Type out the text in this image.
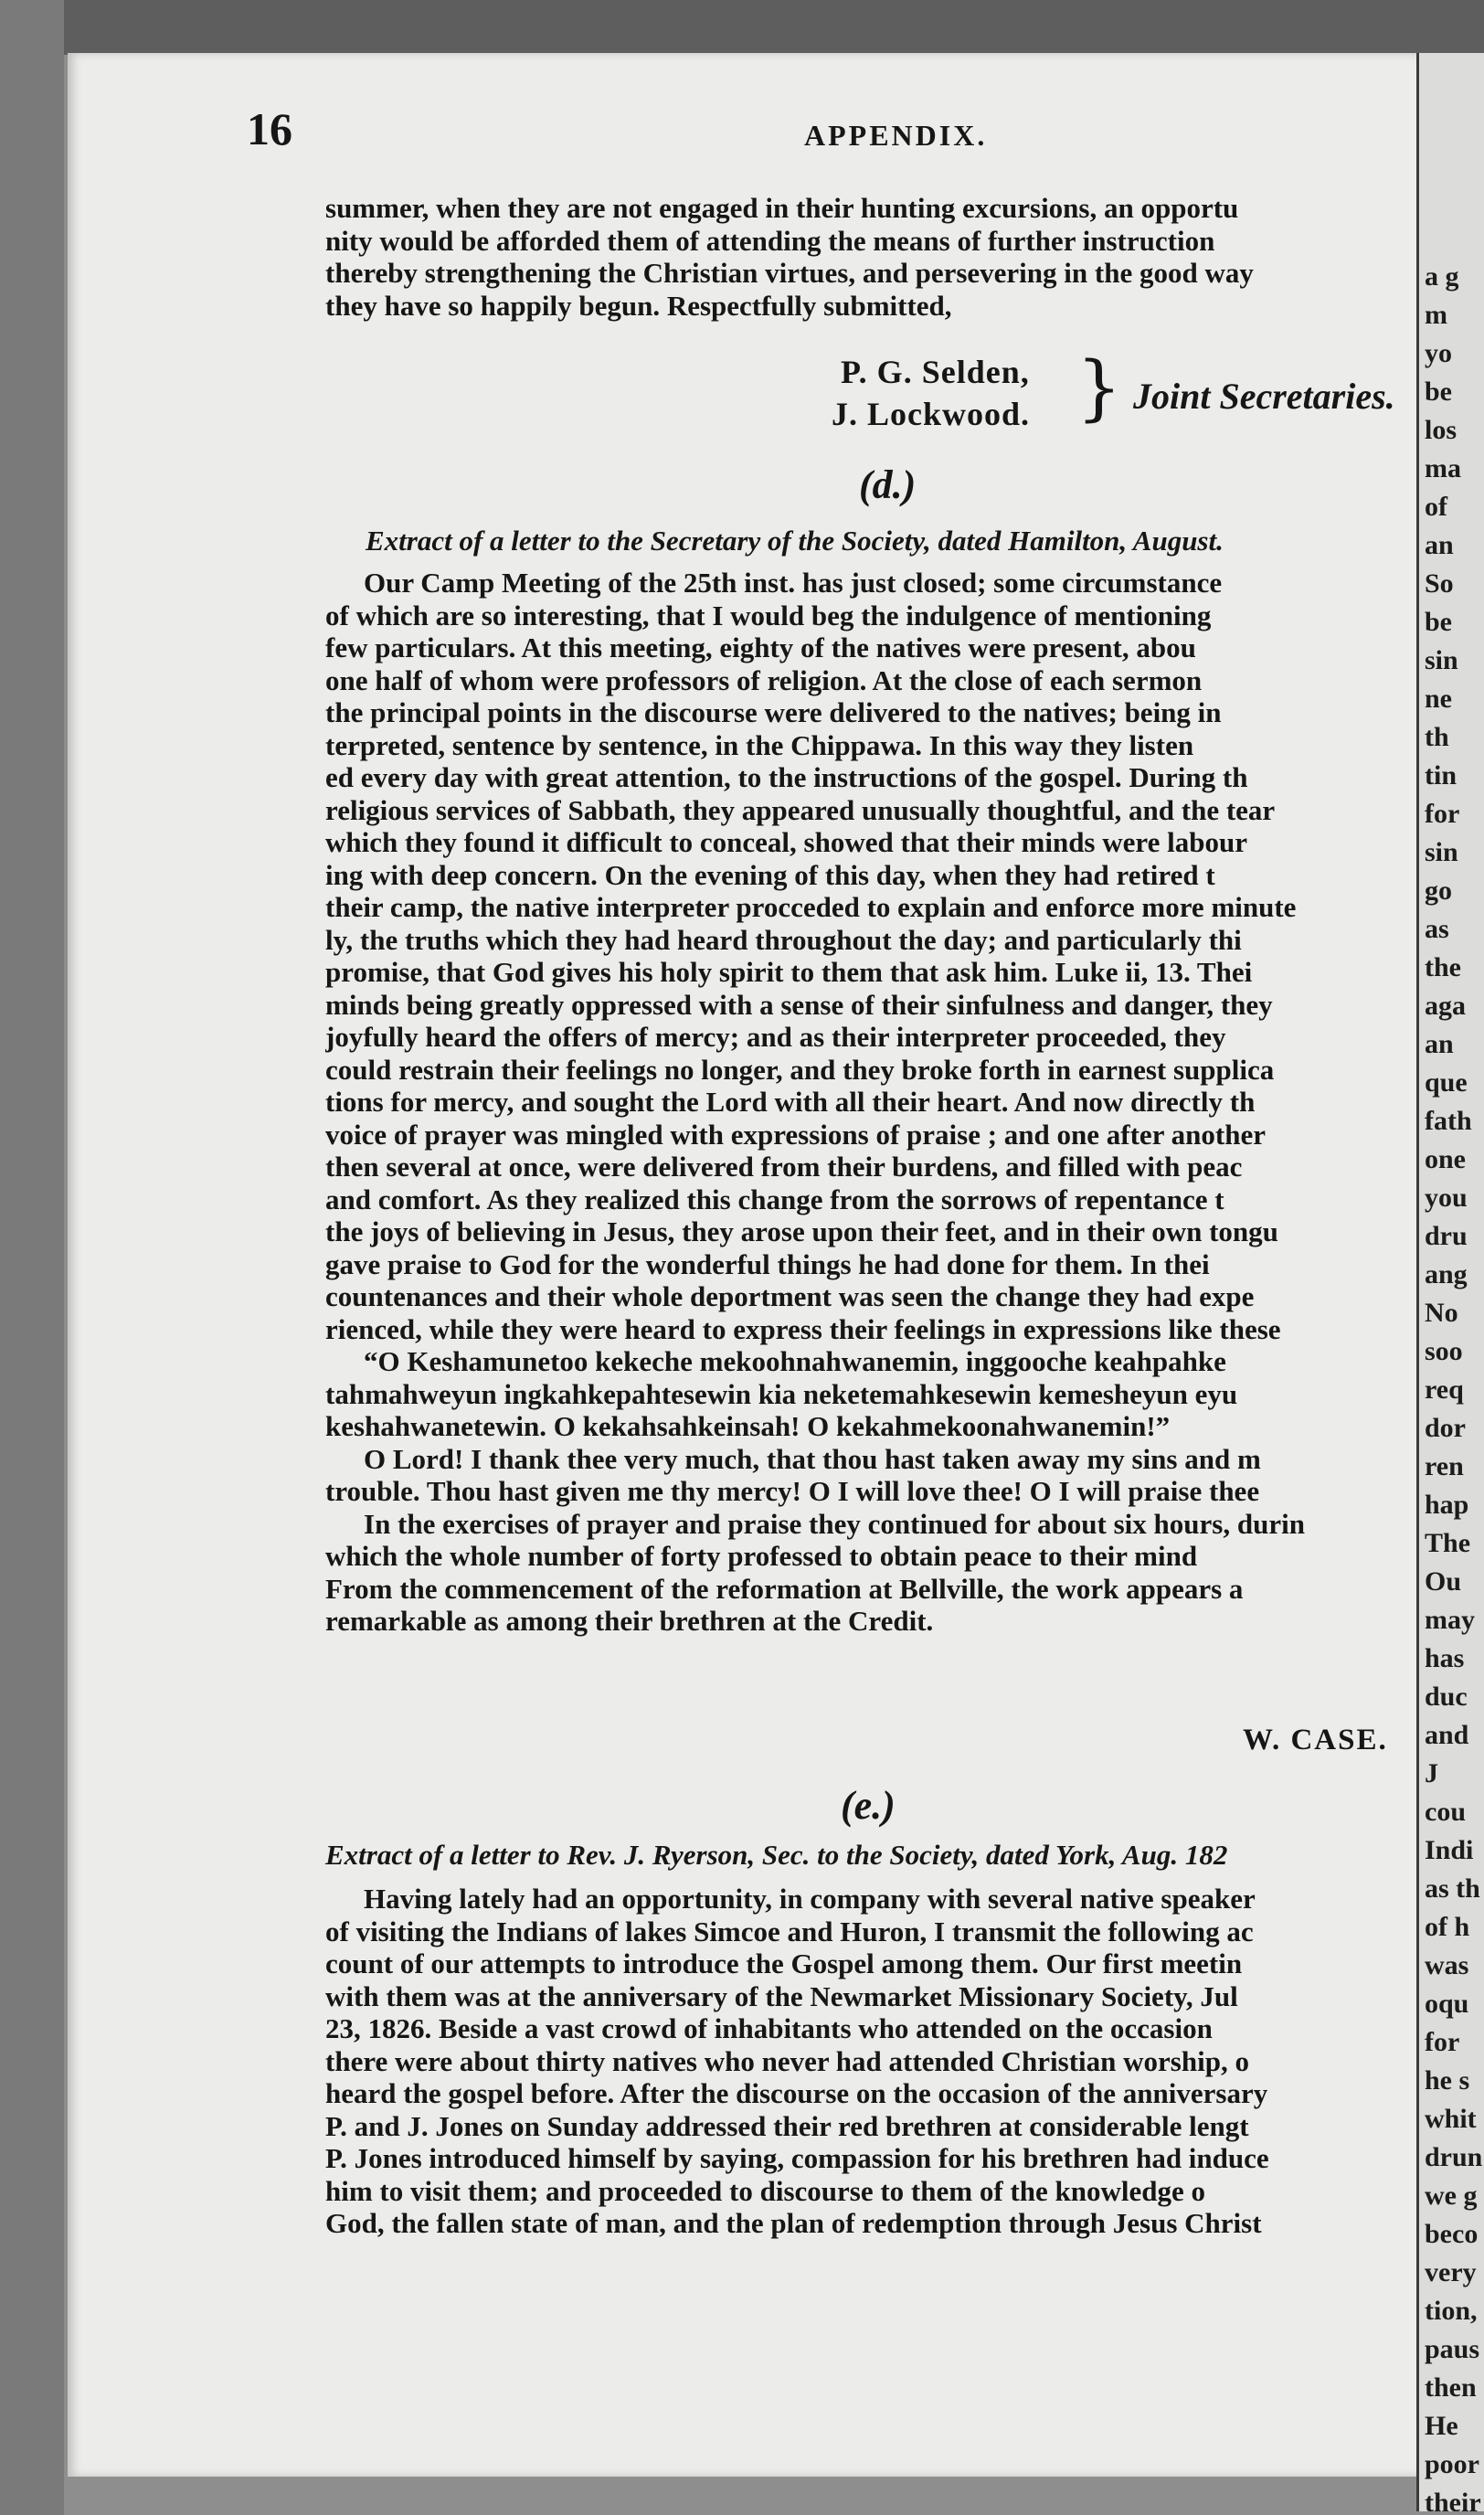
16	APPENDIX.
summer, when they are not engaged in their hunting excursions, an opportu
nity would be afforded them of attending the means of further instruction
thereby strengthening the Christian virtues, and persevering in the good way
they have so happily begun. Respectfully submitted,
P. G. Selden,
J. Lockwood. } Joint Secretaries.
(d.)
Extract of a letter to the Secretary of the Society, dated Hamilton, August.
Our Camp Meeting of the 25th inst. has just closed; some circumstance
of which are so interesting, that I would beg the indulgence of mentioning
few particulars. At this meeting, eighty of the natives were present, abou
one half of whom were professors of religion. At the close of each sermon
the principal points in the discourse were delivered to the natives; being in
terpreted, sentence by sentence, in the Chippawa. In this way they listen
ed every day with great attention, to the instructions of the gospel. During th
religious services of Sabbath, they appeared unusually thoughtful, and the tear
which they found it difficult to conceal, showed that their minds were labour
ing with deep concern. On the evening of this day, when they had retired t
their camp, the native interpreter procceded to explain and enforce more minute
ly, the truths which they had heard throughout the day; and particularly thi
promise, that God gives his holy spirit to them that ask him. Luke ii, 13. Thei
minds being greatly oppressed with a sense of their sinfulness and danger, they
joyfully heard the offers of mercy; and as their interpreter proceeded, they
could restrain their feelings no longer, and they broke forth in earnest supplica
tions for mercy, and sought the Lord with all their heart. And now directly th
voice of prayer was mingled with expressions of praise ; and one after another
then several at once, were delivered from their burdens, and filled with peac
and comfort. As they realized this change from the sorrows of repentance t
the joys of believing in Jesus, they arose upon their feet, and in their own tongu
gave praise to God for the wonderful things he had done for them. In thei
countenances and their whole deportment was seen the change they had expe
rienced, while they were heard to express their feelings in expressions like these
“O Keshamunetoo kekeche mekoohnahwanemin, inggooche keahpahke
tahmahweyun ingkahkepahtesewin kia neketemahkesewin kemesheyun eyu
keshahwanetewin. O kekahsahkeinsah! O kekahmekoonahwanemin!”
O Lord! I thank thee very much, that thou hast taken away my sins and m
trouble. Thou hast given me thy mercy! O I will love thee! O I will praise thee
In the exercises of prayer and praise they continued for about six hours, durin
which the whole number of forty professed to obtain peace to their mind
From the commencement of the reformation at Bellville, the work appears a
remarkable as among their brethren at the Credit.
W. CASE.
(e.)
Extract of a letter to Rev. J. Ryerson, Sec. to the Society, dated York, Aug. 182
Having lately had an opportunity, in company with several native speaker
of visiting the Indians of lakes Simcoe and Huron, I transmit the following ac
count of our attempts to introduce the Gospel among them. Our first meetin
with them was at the anniversary of the Newmarket Missionary Society, Jul
23, 1826. Beside a vast crowd of inhabitants who attended on the occasion
there were about thirty natives who never had attended Christian worship, o
heard the gospel before. After the discourse on the occasion of the anniversary
P. and J. Jones on Sunday addressed their red brethren at considerable lengt
P. Jones introduced himself by saying, compassion for his brethren had induce
him to visit them; and proceeded to discourse to them of the knowledge o
God, the fallen state of man, and the plan of redemption through Jesus Christ
a g
m
yo
be
los
ma
of
an
So
be
sin
ne
th
tin
for
sin
go
as
the
aga
an
que
fath
one
you
dru
ang
No
soo
req
dor
ren
hap
The
Ou
may
has
duc
and
J
cou
Indi
as th
of h
was
oqu
for
he s
whit
drun
we g
beco
very
tion,
paus
then
He
poor
their
